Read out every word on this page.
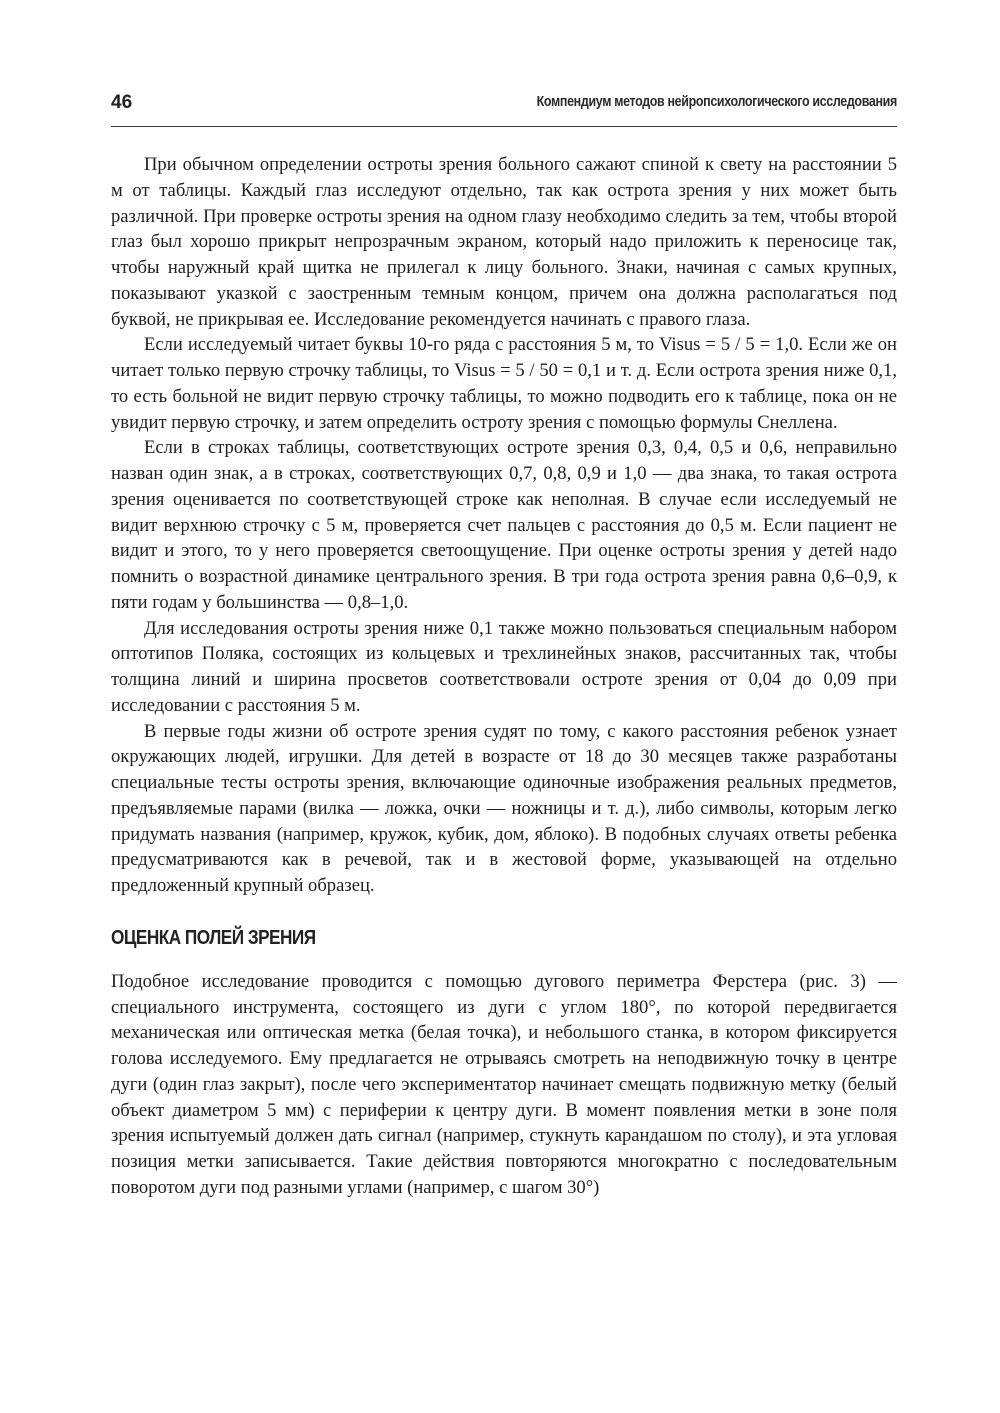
46	Компендиум методов нейропсихологического исследования

При обычном определении остроты зрения больного сажают спиной к свету на расстоянии 5 м от таблицы. Каждый глаз исследуют отдельно, так как острота зрения у них может быть различной. При проверке остроты зрения на одном глазу необходимо следить за тем, чтобы второй глаз был хорошо прикрыт непрозрачным экраном, который надо приложить к переносице так, чтобы наружный край щитка не прилегал к лицу больного. Знаки, начиная с самых крупных, показывают указкой с заостренным темным концом, причем она должна располагаться под буквой, не прикрывая ее. Исследование рекомендуется начинать с правого глаза.

Если исследуемый читает буквы 10-го ряда с расстояния 5 м, то Visus = 5 / 5 = 1,0. Если же он читает только первую строчку таблицы, то Visus = 5 / 50 = 0,1 и т. д. Если острота зрения ниже 0,1, то есть больной не видит первую строчку таблицы, то можно подводить его к таблице, пока он не увидит первую строчку, и затем определить остроту зрения с помощью формулы Снеллена.

Если в строках таблицы, соответствующих остроте зрения 0,3, 0,4, 0,5 и 0,6, неправильно назван один знак, а в строках, соответствующих 0,7, 0,8, 0,9 и 1,0 — два знака, то такая острота зрения оценивается по соответствующей строке как неполная. В случае если исследуемый не видит верхнюю строчку с 5 м, проверяется счет пальцев с расстояния до 0,5 м. Если пациент не видит и этого, то у него проверяется светоощущение. При оценке остроты зрения у детей надо помнить о возрастной динамике центрального зрения. В три года острота зрения равна 0,6–0,9, к пяти годам у большинства — 0,8–1,0.

Для исследования остроты зрения ниже 0,1 также можно пользоваться специальным набором оптотипов Поляка, состоящих из кольцевых и трехлинейных знаков, рассчитанных так, чтобы толщина линий и ширина просветов соответствовали остроте зрения от 0,04 до 0,09 при исследовании с расстояния 5 м.

В первые годы жизни об остроте зрения судят по тому, с какого расстояния ребенок узнает окружающих людей, игрушки. Для детей в возрасте от 18 до 30 месяцев также разработаны специальные тесты остроты зрения, включающие одиночные изображения реальных предметов, предъявляемые парами (вилка — ложка, очки — ножницы и т. д.), либо символы, которым легко придумать названия (например, кружок, кубик, дом, яблоко). В подобных случаях ответы ребенка предусматриваются как в речевой, так и в жестовой форме, указывающей на отдельно предложенный крупный образец.

ОЦЕНКА ПОЛЕЙ ЗРЕНИЯ

Подобное исследование проводится с помощью дугового периметра Ферстера (рис. 3) — специального инструмента, состоящего из дуги с углом 180°, по которой передвигается механическая или оптическая метка (белая точка), и небольшого станка, в котором фиксируется голова исследуемого. Ему предлагается не отрываясь смотреть на неподвижную точку в центре дуги (один глаз закрыт), после чего экспериментатор начинает смещать подвижную метку (белый объект диаметром 5 мм) с периферии к центру дуги. В момент появления метки в зоне поля зрения испытуемый должен дать сигнал (например, стукнуть карандашом по столу), и эта угловая позиция метки записывается. Такие действия повторяются многократно с последовательным поворотом дуги под разными углами (например, с шагом 30°)
